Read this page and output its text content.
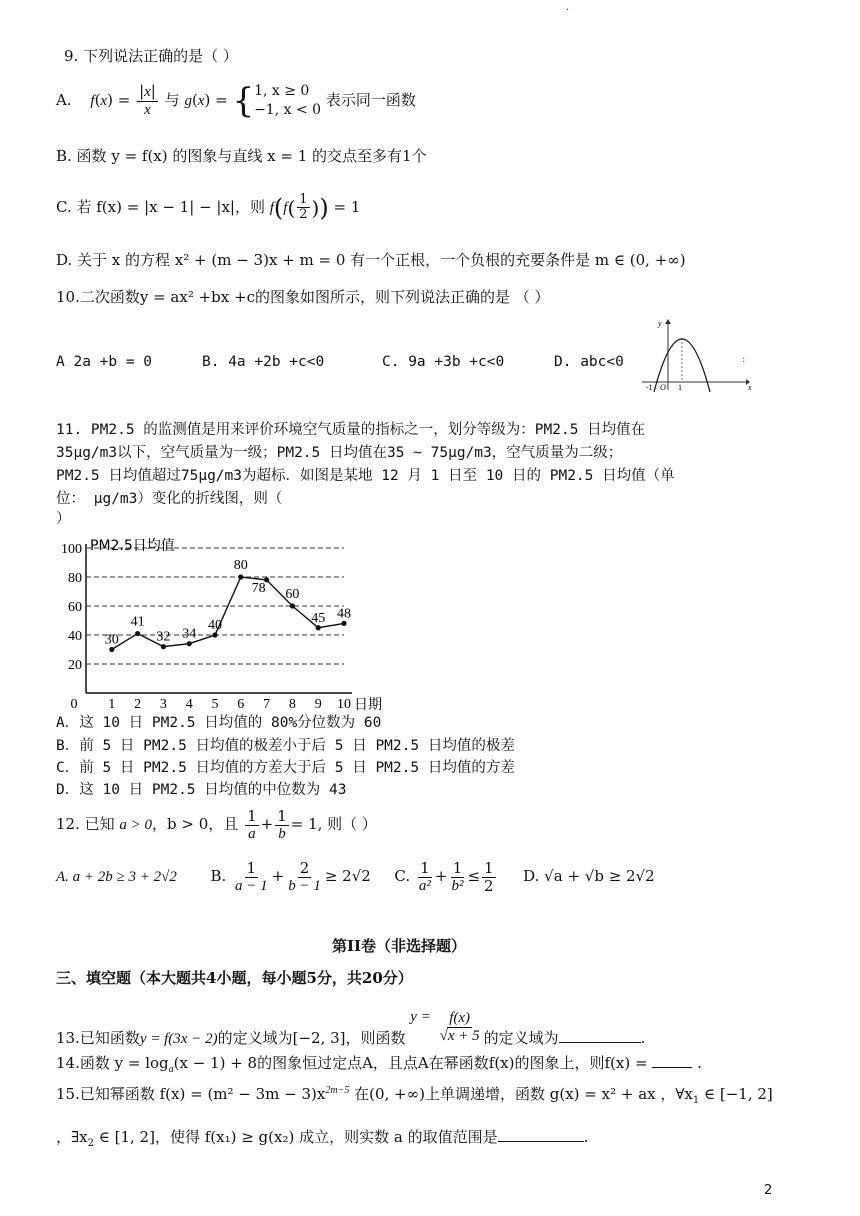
.
9. 下列说法正确的是（ ）
A. $f(x) = \frac{|x|}{x}$ 与 g(x) = { 1, x ≥ 0
−1, x < 0
表示同一函数
B. 函数 y = f(x) 的图象与直线 x = 1 的交点至多有1个
C. 若 f(x) = |x − 1| − |x|，则 $f(f( \frac{1}{2}$ )) = 1
D. 关于 x 的方程 x² + (m − 3)x + m = 0 有一个正根，一个负根的充要条件是 m ∈ (0, +∞)
10.二次函数y = ax² +bx +c的图象如图所示，则下列说法正确的是 （ ）
A 2a +b = 0	B. 4a +2b +c<0	C. 9a +3b +c<0	D. abc<0
y
x
-1 O 1
:
11. PM2.5 的监测值是用来评价环境空气质量的指标之一，划分等级为：PM2.5 日均值在
35μg/m3以下，空气质量为一级；PM2.5 日均值在35 ~ 75μg/m3，空气质量为二级；
PM2.5 日均值超过75μg/m3为超标．如图是某地 12 月 1 日至 10 日的 PM2.5 日均值（单
位： μg/m3）变化的折线图，则（
）
20
40
60
80
100
0 1 2 3 4 5 6 7 8 9 10 日期
PM2.5日均值
30
41
32 34
40
80
78 60
45 48
A．这 10 日 PM2.5 日均值的 80%分位数为 60
B．前 5 日 PM2.5 日均值的极差小于后 5 日 PM2.5 日均值的极差
C．前 5 日 PM2.5 日均值的方差大于后 5 日 PM2.5 日均值的方差
D．这 10 日 PM2.5 日均值的中位数为 43
12. 已知 a > 0，b > 0，且 $\frac{1}{a} + \frac{1}{b} = 1$, 则（ ）
A. a + 2b ≥ 3 + 2√2 B. $\frac{1}{a - 1} + \frac{2}{b - 1} \ge 2√2$ C. $\frac{1}{\text{a²}} + \frac{1}{\text{b²}} \le \frac{1}{2} D$. √a + √b ≥ 2√2
第II卷（非选择题）
三、填空题（本大题共4小题，每小题5分，共20分）
13.已知函数y = f(3x − 2)的定义域为[−2, 3]，则函数 $y = \frac{f(x)}{√x + 5}$ 的定义域为	.
14.函数 $y = \log_a(x - 1) + 8$的图象恒过定点A，且点A在幂函数f(x)的图象上，则f(x) =	.
15.已知幂函数 $f(x) = (m^2 - 3m - 3)x^{2m-5}$ 在(0, +∞)上单调递增，函数 g(x) = x² + ax ，$\forall x_1$ ∈ [−1, 2]
，$\exists x_2$ ∈ [1, 2]，使得 f(x₁) ≥ g(x₂) 成立，则实数 a 的取值范围是	.
2
